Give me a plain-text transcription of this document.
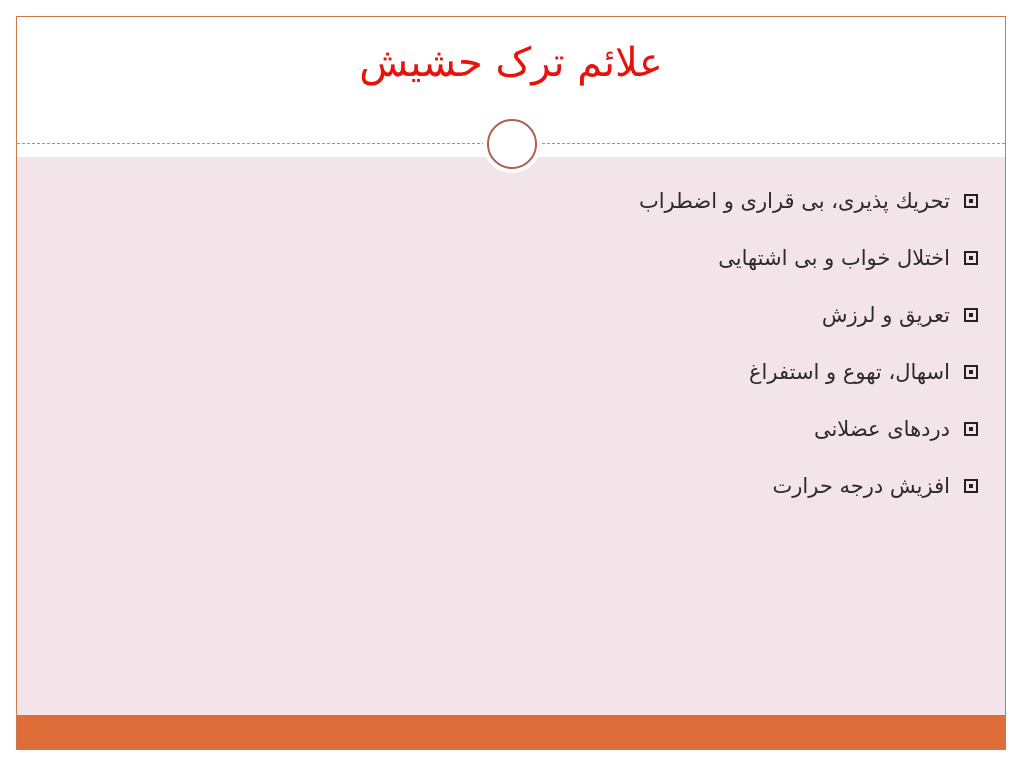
علائم ترک حشیش
تحريك پذيری، بی قراری و اضطراب
اختلال خواب و بی اشتهايی
تعريق و لرزش
اسهال، تهوع و استفراغ
دردهای عضلانی
افزيش درجه حرارت
